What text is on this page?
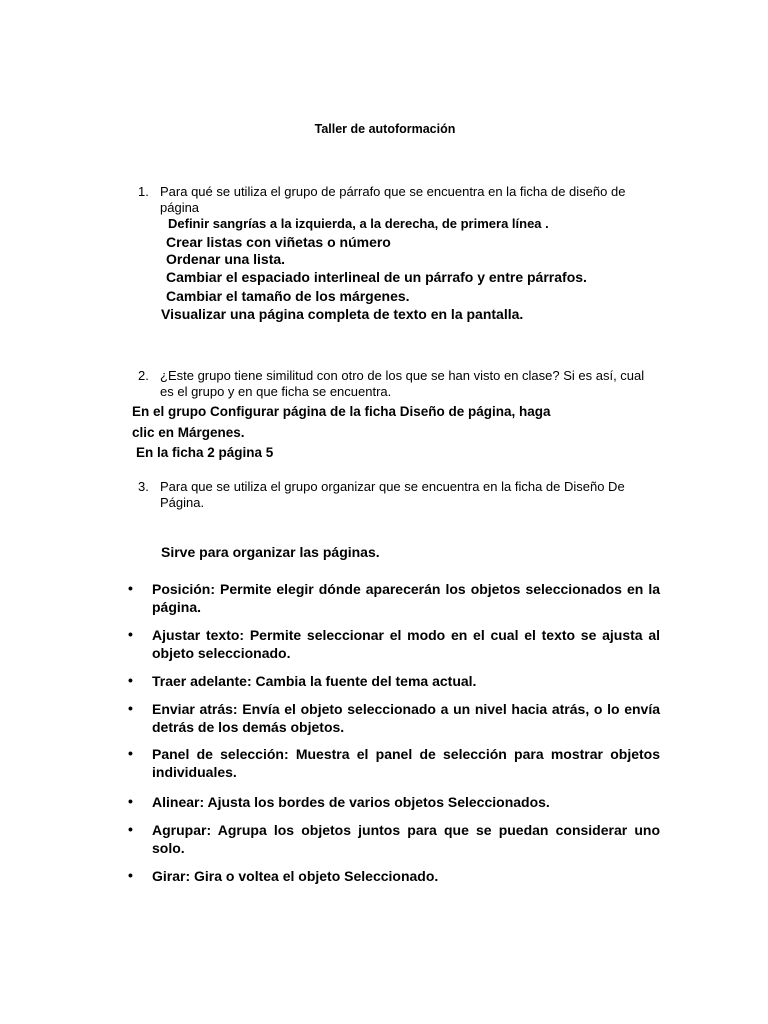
Taller de autoformación
1. Para qué se utiliza el grupo de párrafo que se encuentra en la ficha de diseño de página
Definir sangrías a la izquierda, a la derecha, de primera línea .
Crear listas con viñetas o número
Ordenar una lista.
Cambiar el espaciado interlineal de un párrafo y entre párrafos.
Cambiar el tamaño de los márgenes.
Visualizar una página completa de texto en la pantalla.
2. ¿Este grupo tiene similitud con otro de los que se han visto en clase? Si es así, cual es el grupo y en que ficha se encuentra.
En el grupo Configurar página de la ficha Diseño de página, haga
clic en Márgenes.
En la ficha 2 página 5
3. Para que se utiliza el grupo organizar que se encuentra en la ficha de Diseño De Página.
Sirve para organizar las páginas.
• Posición: Permite elegir dónde aparecerán los objetos seleccionados en la página.
• Ajustar texto: Permite seleccionar el modo en el cual el texto se ajusta al objeto seleccionado.
• Traer adelante: Cambia la fuente del tema actual.
• Enviar atrás: Envía el objeto seleccionado a un nivel hacia atrás, o lo envía detrás de los demás objetos.
• Panel de selección: Muestra el panel de selección para mostrar objetos individuales.
• Alinear: Ajusta los bordes de varios objetos Seleccionados.
• Agrupar: Agrupa los objetos juntos para que se puedan considerar uno solo.
• Girar: Gira o voltea el objeto Seleccionado.
